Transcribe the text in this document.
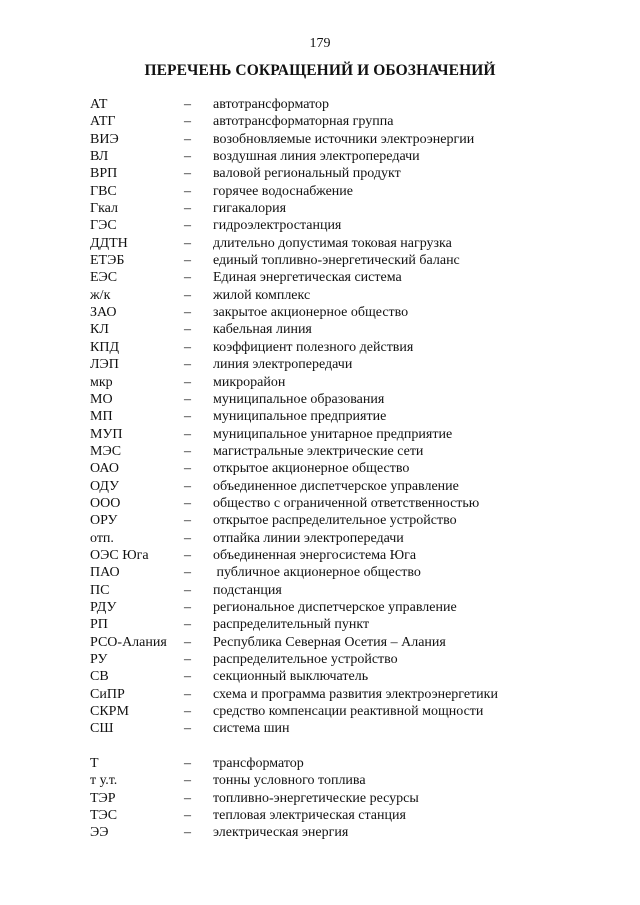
179
ПЕРЕЧЕНЬ СОКРАЩЕНИЙ И ОБОЗНАЧЕНИЙ
АТ	– автотрансформатор
АТГ	– автотрансформаторная группа
ВИЭ	– возобновляемые источники электроэнергии
ВЛ	– воздушная линия электропередачи
ВРП	– валовой региональный продукт
ГВС	– горячее водоснабжение
Гкал	– гигакалория
ГЭС	– гидроэлектростанция
ДДТН	– длительно допустимая токовая нагрузка
ЕТЭБ	– единый топливно-энергетический баланс
ЕЭС	– Единая энергетическая система
ж/к	– жилой комплекс
ЗАО	– закрытое акционерное общество
КЛ	– кабельная линия
КПД	– коэффициент полезного действия
ЛЭП	– линия электропередачи
мкр	– микрорайон
МО	– муниципальное образования
МП	– муниципальное предприятие
МУП	– муниципальное унитарное предприятие
МЭС	– магистральные электрические сети
ОАО	– открытое акционерное общество
ОДУ	– объединенное диспетчерское управление
ООО	– общество с ограниченной ответственностью
ОРУ	– открытое распределительное устройство
отп.	– отпайка линии электропередачи
ОЭС Юга	– объединенная энергосистема Юга
ПАО	– публичное акционерное общество
ПС	– подстанция
РДУ	– региональное диспетчерское управление
РП	– распределительный пункт
РСО-Алания – Республика Северная Осетия – Алания
РУ	– распределительное устройство
СВ	– секционный выключатель
СиПР	– схема и программа развития электроэнергетики
СКРМ	– средство компенсации реактивной мощности
СШ	– система шин
Т	– трансформатор
т у.т.	– тонны условного топлива
ТЭР	– топливно-энергетические ресурсы
ТЭС	– тепловая электрическая станция
ЭЭ	– электрическая энергия
